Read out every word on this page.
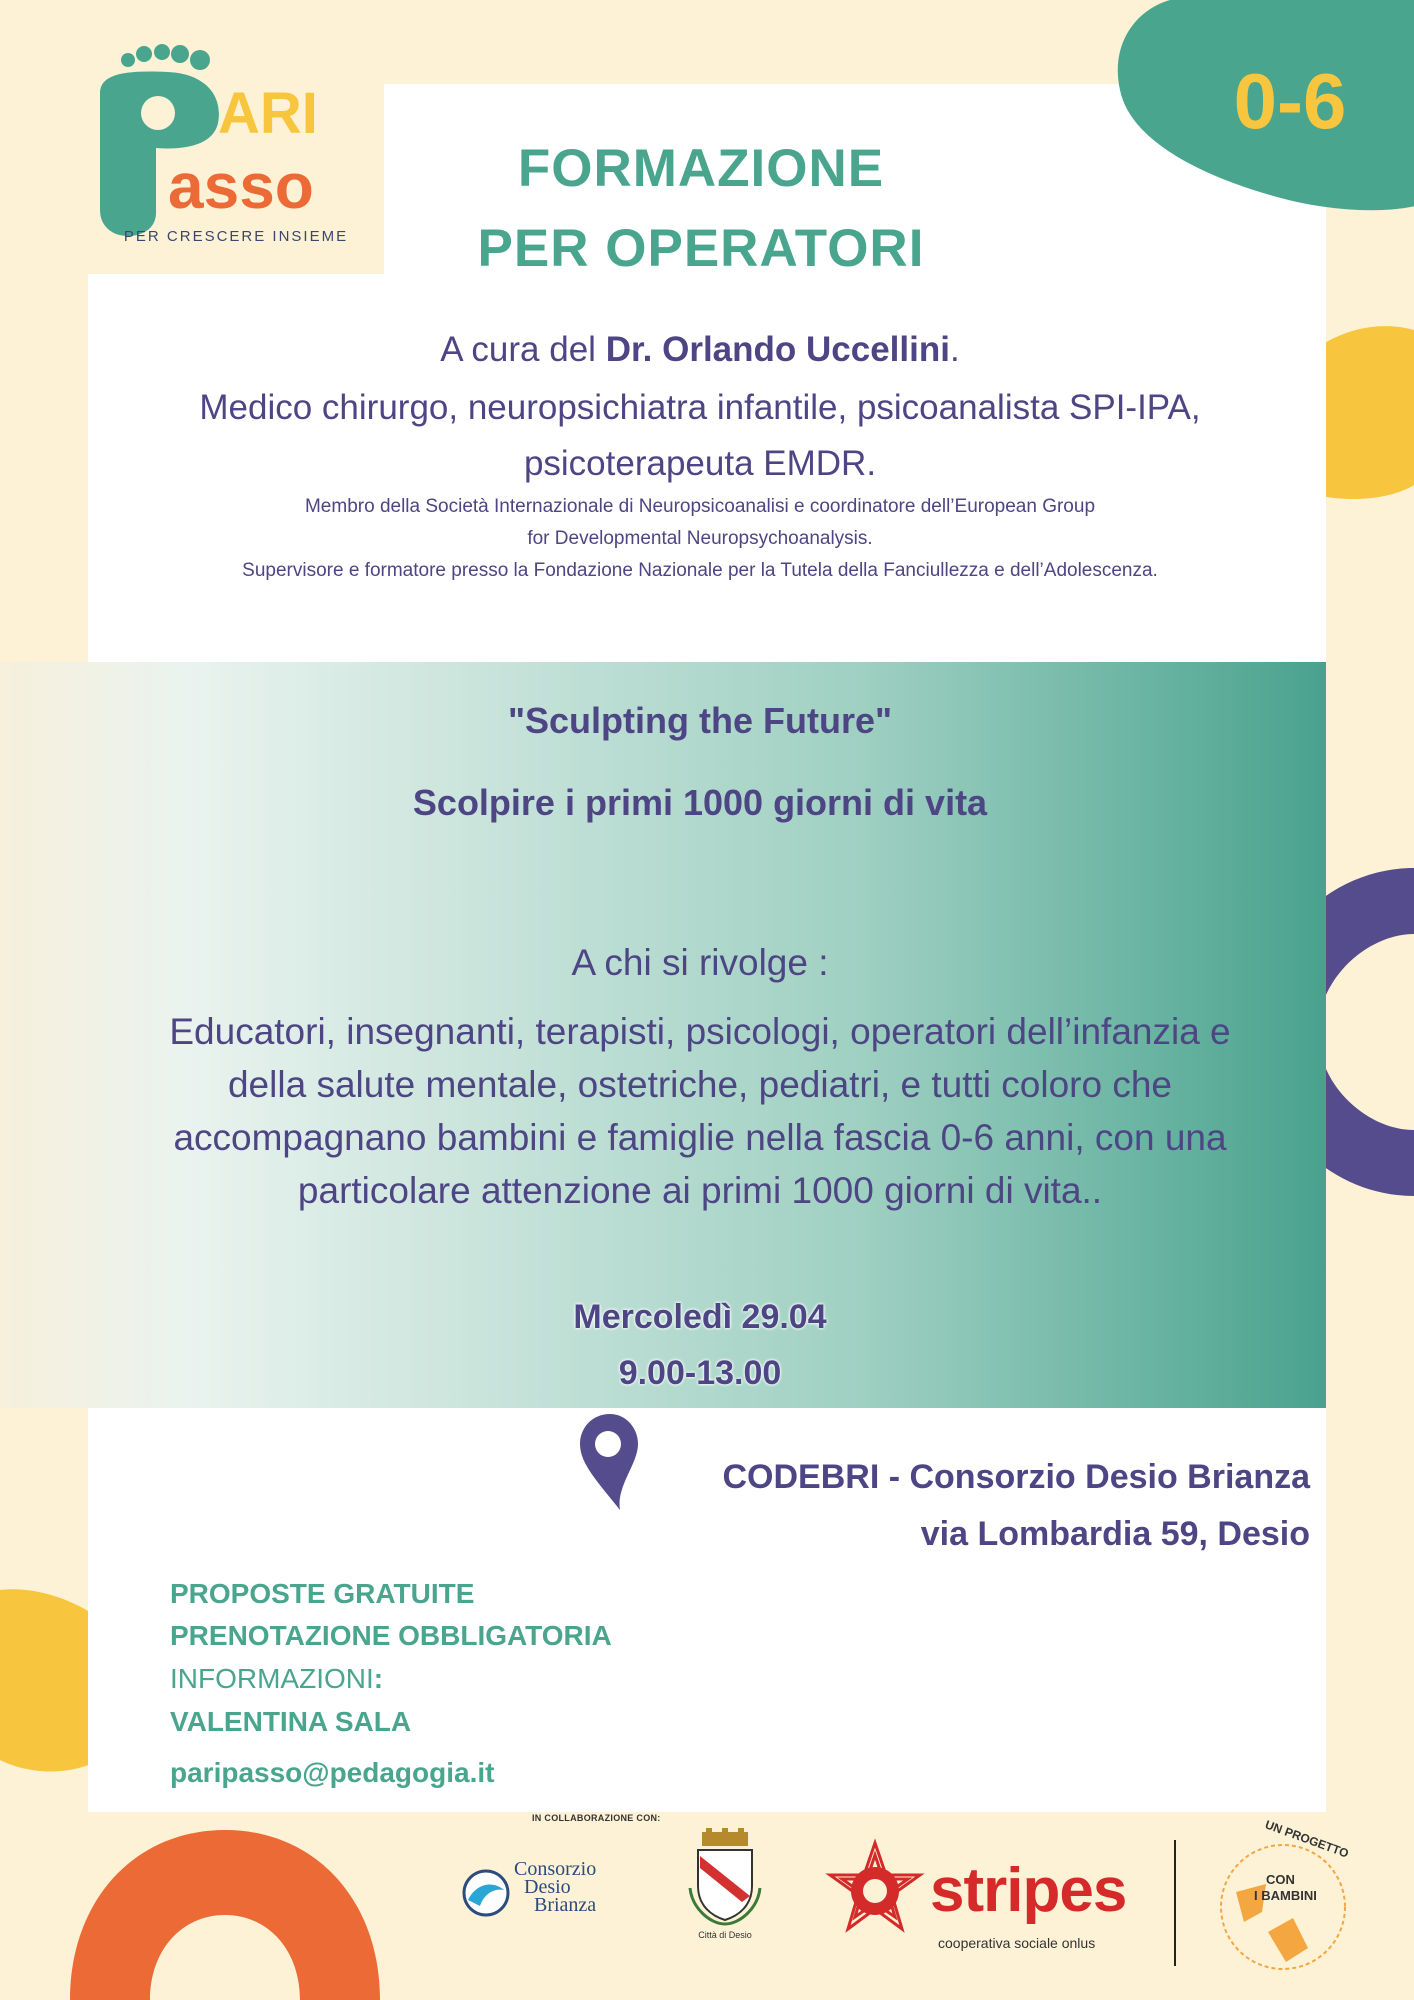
0-6
ARI
asso
PER CRESCERE INSIEME
FORMAZIONE
PER OPERATORI
A cura del Dr. Orlando Uccellini.
Medico chirurgo, neuropsichiatra infantile, psicoanalista SPI-IPA,
psicoterapeuta EMDR.
Membro della Società Internazionale di Neuropsicoanalisi e coordinatore dell’European Group
for Developmental Neuropsychoanalysis.
Supervisore e formatore presso la Fondazione Nazionale per la Tutela della Fanciullezza e dell’Adolescenza.
"Sculpting the Future"
Scolpire i primi 1000 giorni di vita
A chi si rivolge :
Educatori, insegnanti, terapisti, psicologi, operatori dell’infanzia e della salute mentale, ostetriche, pediatri, e tutti coloro che accompagnano bambini e famiglie nella fascia 0-6 anni, con una particolare attenzione ai primi 1000 giorni di vita..
Mercoledì 29.04
9.00-13.00
CODEBRI - Consorzio Desio Brianza
via Lombardia 59, Desio
PROPOSTE GRATUITE
PRENOTAZIONE OBBLIGATORIA
INFORMAZIONI:
VALENTINA SALA
paripasso@pedagogia.it
IN COLLABORAZIONE CON:
Consorzio
Desio
Brianza
Città di Desio
stripes
cooperativa sociale onlus
UN PROGETTO
CON
I BAMBINI
